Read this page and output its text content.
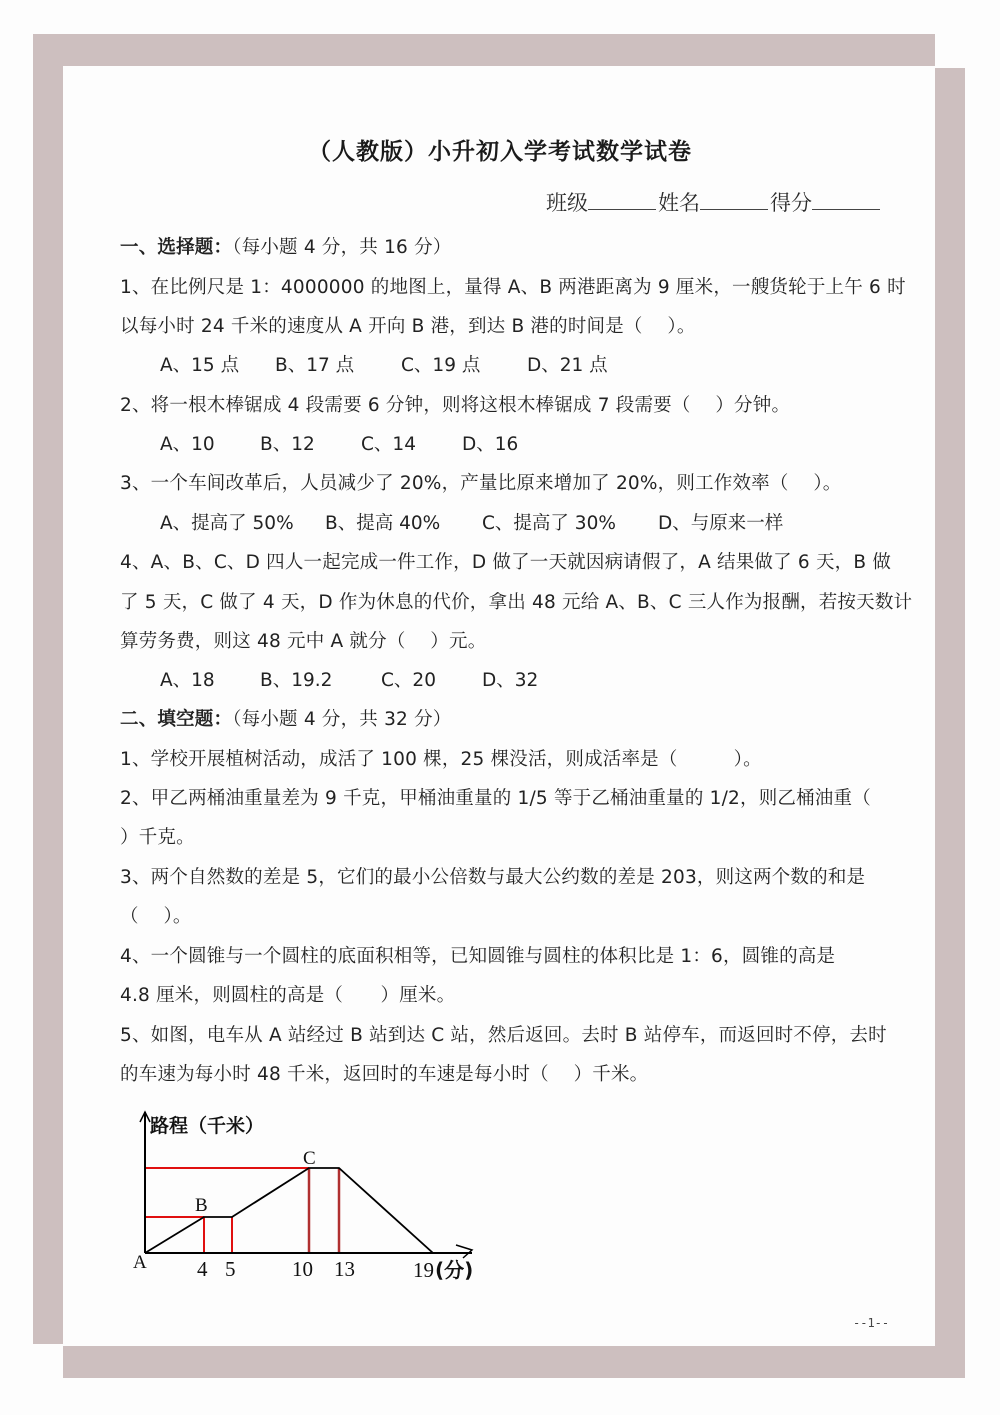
（人教版）小升初入学考试数学试卷
班级	姓名	得分
一、选择题：（每小题 4 分，共 16 分）
1、在比例尺是 1：4000000 的地图上，量得 A、B 两港距离为 9 厘米，一艘货轮于上午 6 时
以每小时 24 千米的速度从 A 开向 B 港，到达 B 港的时间是（　 ）。
A、15 点 B、17 点	C、19 点	D、21 点
2、将一根木棒锯成 4 段需要 6 分钟，则将这根木棒锯成 7 段需要（　 ）分钟。
A、10 B、12	C、14 D、16
3、一个车间改革后，人员减少了 20%，产量比原来增加了 20%，则工作效率（　 ）。
A、提高了 50% B、提高 40% C、提高了 30% D、与原来一样
4、A、B、C、D 四人一起完成一件工作，D 做了一天就因病请假了，A 结果做了 6 天，B 做
了 5 天，C 做了 4 天，D 作为休息的代价，拿出 48 元给 A、B、C 三人作为报酬，若按天数计
算劳务费，则这 48 元中 A 就分（　 ）元。
A、18 B、19.2	C、20 D、32
二、填空题：（每小题 4 分，共 32 分）
1、学校开展植树活动，成活了 100 棵，25 棵没活，则成活率是（　　　）。
2、甲乙两桶油重量差为 9 千克，甲桶油重量的 1/5 等于乙桶油重量的 1/2，则乙桶油重（
）千克。
3、两个自然数的差是 5，它们的最小公倍数与最大公约数的差是 203，则这两个数的和是
（　 ）。
4、一个圆锥与一个圆柱的底面积相等，已知圆锥与圆柱的体积比是 1：6，圆锥的高是
4.8 厘米，则圆柱的高是（　　）厘米。
5、如图，电车从 A 站经过 B 站到达 C 站，然后返回。去时 B 站停车，而返回时不停，去时
的车速为每小时 48 千米，返回时的车速是每小时（　 ）千米。
路程（千米）
A
B
C
4 5	10 13	19 (分)
--1--
